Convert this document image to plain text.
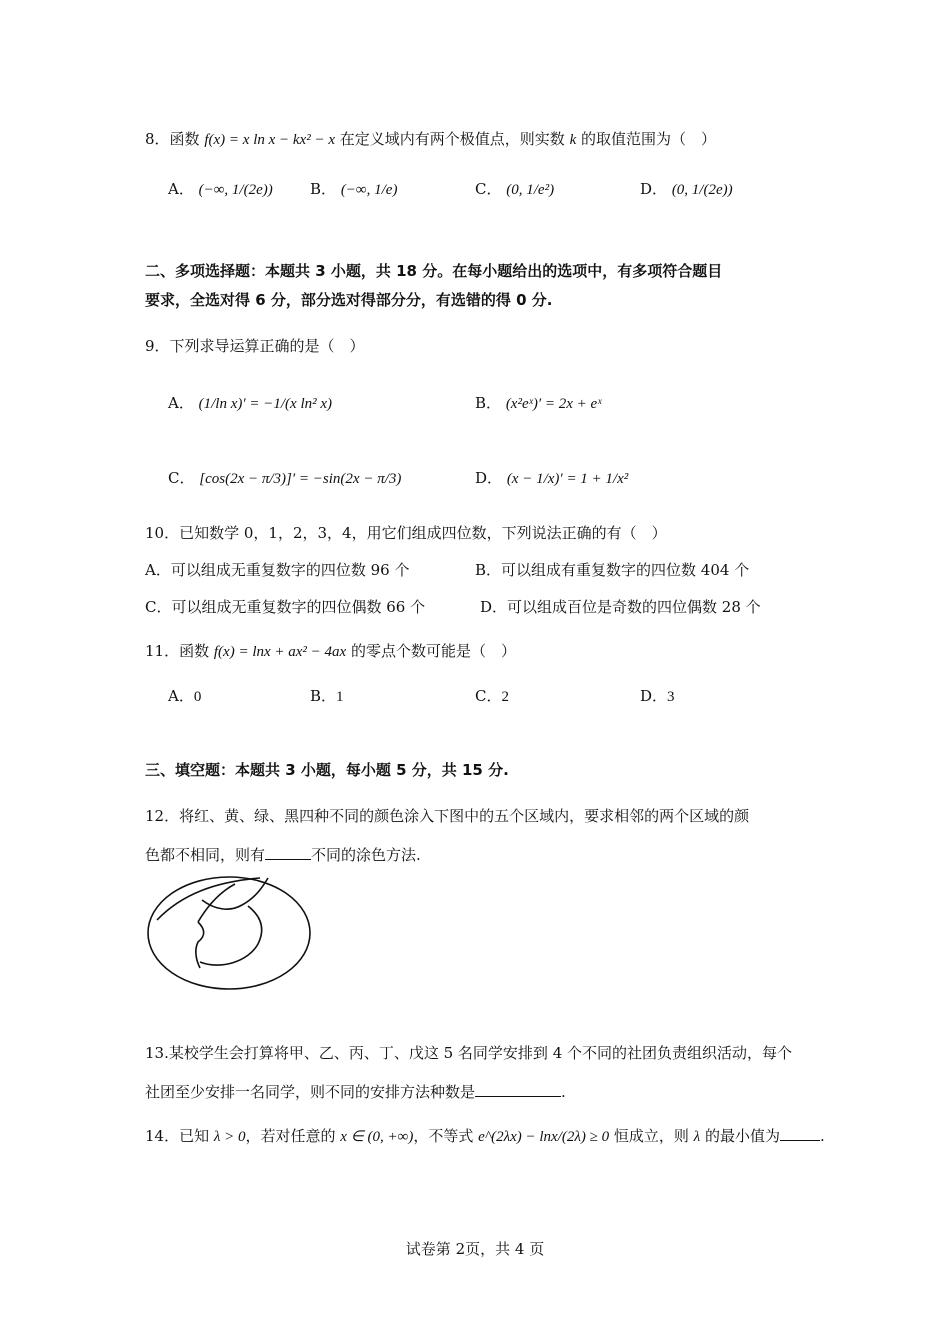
8．函数 f(x) = x ln x − kx² − x 在定义域内有两个极值点，则实数 k 的取值范围为（　）
A． (−∞, 1/(2e)) B． (−∞, 1/e)	C． (0, 1/e²)	D． (0, 1/(2e))
二、多项选择题：本题共 3 小题，共 18 分。在每小题给出的选项中，有多项符合题目
要求，全选对得 6 分，部分选对得部分分，有选错的得 0 分.
9．下列求导运算正确的是（　）
A． (1/ln x)′ = −1/(x ln² x)	B． (x²eˣ)′ = 2x + eˣ
C． [cos(2x − π/3)]′ = −sin(2x − π/3)	D． (x − 1/x)′ = 1 + 1/x²
10．已知数学 0，1，2，3，4，用它们组成四位数，下列说法正确的有（　）
A．可以组成无重复数字的四位数 96 个	B．可以组成有重复数字的四位数 404 个
C．可以组成无重复数字的四位偶数 66 个	D．可以组成百位是奇数的四位偶数 28 个
11．函数 f(x) = lnx + ax² − 4ax 的零点个数可能是（　）
A．0	B．1	C．2	D．3
三、填空题：本题共 3 小题，每小题 5 分，共 15 分.
12．将红、黄、绿、黑四种不同的颜色涂入下图中的五个区域内，要求相邻的两个区域的颜
色都不相同，则有	不同的涂色方法.
13.某校学生会打算将甲、乙、丙、丁、戊这 5 名同学安排到 4 个不同的社团负责组织活动，每个
社团至少安排一名同学，则不同的安排方法种数是	.
14．已知 λ > 0，若对任意的 x ∈ (0, +∞)，不等式 e^(2λx) − lnx/(2λ) ≥ 0 恒成立，则 λ 的最小值为	.
试卷第 2页，共 4 页
